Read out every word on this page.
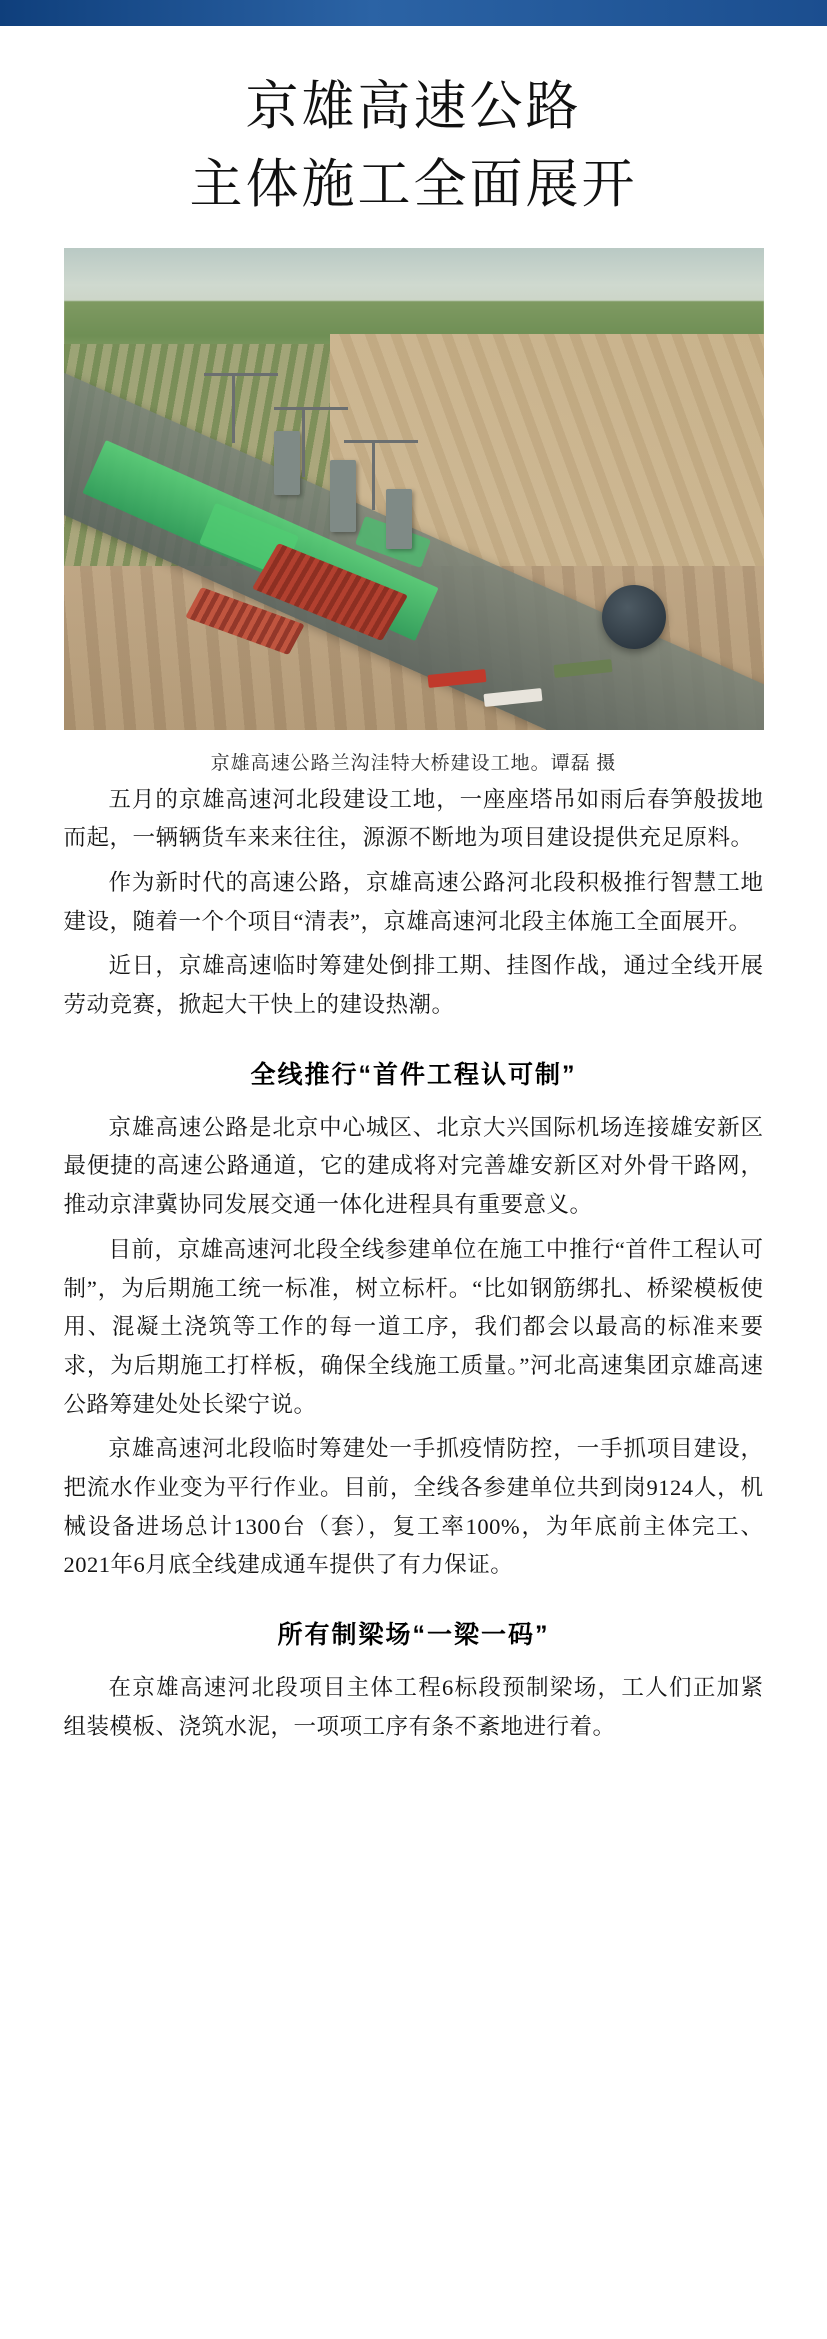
京雄高速公路
主体施工全面展开
京雄高速公路兰沟洼特大桥建设工地。谭磊 摄

五月的京雄高速河北段建设工地，一座座塔吊如雨后春笋般拔地而起，一辆辆货车来来往往，源源不断地为项目建设提供充足原料。

作为新时代的高速公路，京雄高速公路河北段积极推行智慧工地建设，随着一个个项目“清表”，京雄高速河北段主体施工全面展开。

近日，京雄高速临时筹建处倒排工期、挂图作战，通过全线开展劳动竞赛，掀起大干快上的建设热潮。

全线推行“首件工程认可制”

京雄高速公路是北京中心城区、北京大兴国际机场连接雄安新区最便捷的高速公路通道，它的建成将对完善雄安新区对外骨干路网，推动京津冀协同发展交通一体化进程具有重要意义。

目前，京雄高速河北段全线参建单位在施工中推行“首件工程认可制”，为后期施工统一标准，树立标杆。“比如钢筋绑扎、桥梁模板使用、混凝土浇筑等工作的每一道工序，我们都会以最高的标准来要求，为后期施工打样板，确保全线施工质量。”河北高速集团京雄高速公路筹建处处长梁宁说。

京雄高速河北段临时筹建处一手抓疫情防控，一手抓项目建设，把流水作业变为平行作业。目前，全线各参建单位共到岗9124人，机械设备进场总计1300台（套），复工率100%，为年底前主体完工、2021年6月底全线建成通车提供了有力保证。

所有制梁场“一梁一码”

在京雄高速河北段项目主体工程6标段预制梁场，工人们正加紧组装模板、浇筑水泥，一项项工序有条不紊地进行着。
